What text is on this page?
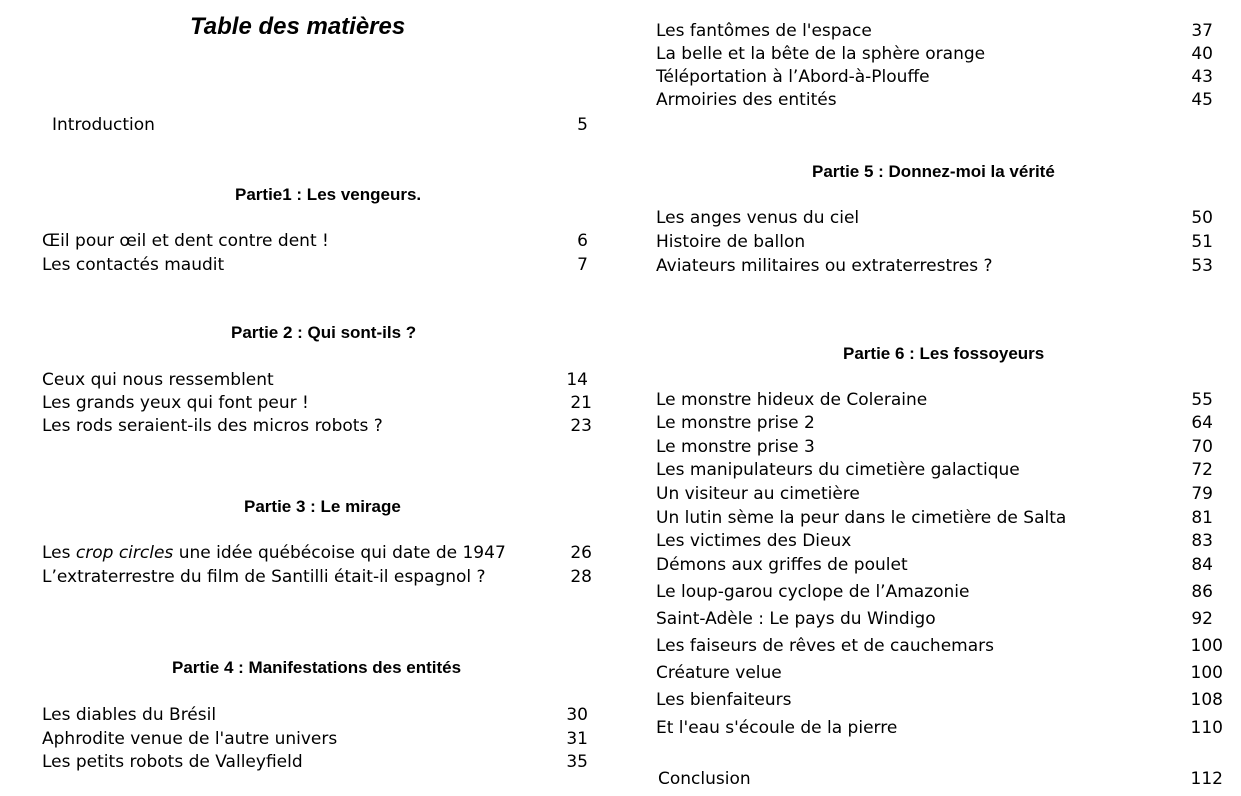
Table des matières
Introduction	5
Partie1 : Les vengeurs.
Œil pour œil et dent contre dent !	6
Les contactés maudit	7
Partie 2 : Qui sont-ils ?
Ceux qui nous ressemblent	14
Les grands yeux qui font peur !	21
Les rods seraient-ils des micros robots ?	23
Partie 3 : Le mirage
Les crop circles une idée québécoise qui date de 1947	26
L’extraterrestre du film de Santilli était-il espagnol ?	28
Partie 4 : Manifestations des entités
Les diables du Brésil	30
Aphrodite venue de l'autre univers	31
Les petits robots de Valleyfield	35
Les fantômes de l'espace	37
La belle et la bête de la sphère orange	40
Téléportation à l’Abord-à-Plouffe	43
Armoiries des entités	45
Partie 5 : Donnez-moi la vérité
Les anges venus du ciel	50
Histoire de ballon	51
Aviateurs militaires ou extraterrestres ?	53
Partie 6 : Les fossoyeurs
Le monstre hideux de Coleraine	55
Le monstre prise 2	64
Le monstre prise 3	70
Les manipulateurs du cimetière galactique	72
Un visiteur au cimetière	79
Un lutin sème la peur dans le cimetière de Salta	81
Les victimes des Dieux	83
Démons aux griffes de poulet	84
Le loup-garou cyclope de l’Amazonie	86
Saint-Adèle : Le pays du Windigo	92
Les faiseurs de rêves et de cauchemars	100
Créature velue	100
Les bienfaiteurs	108
Et l'eau s'écoule de la pierre	110
Conclusion	112
